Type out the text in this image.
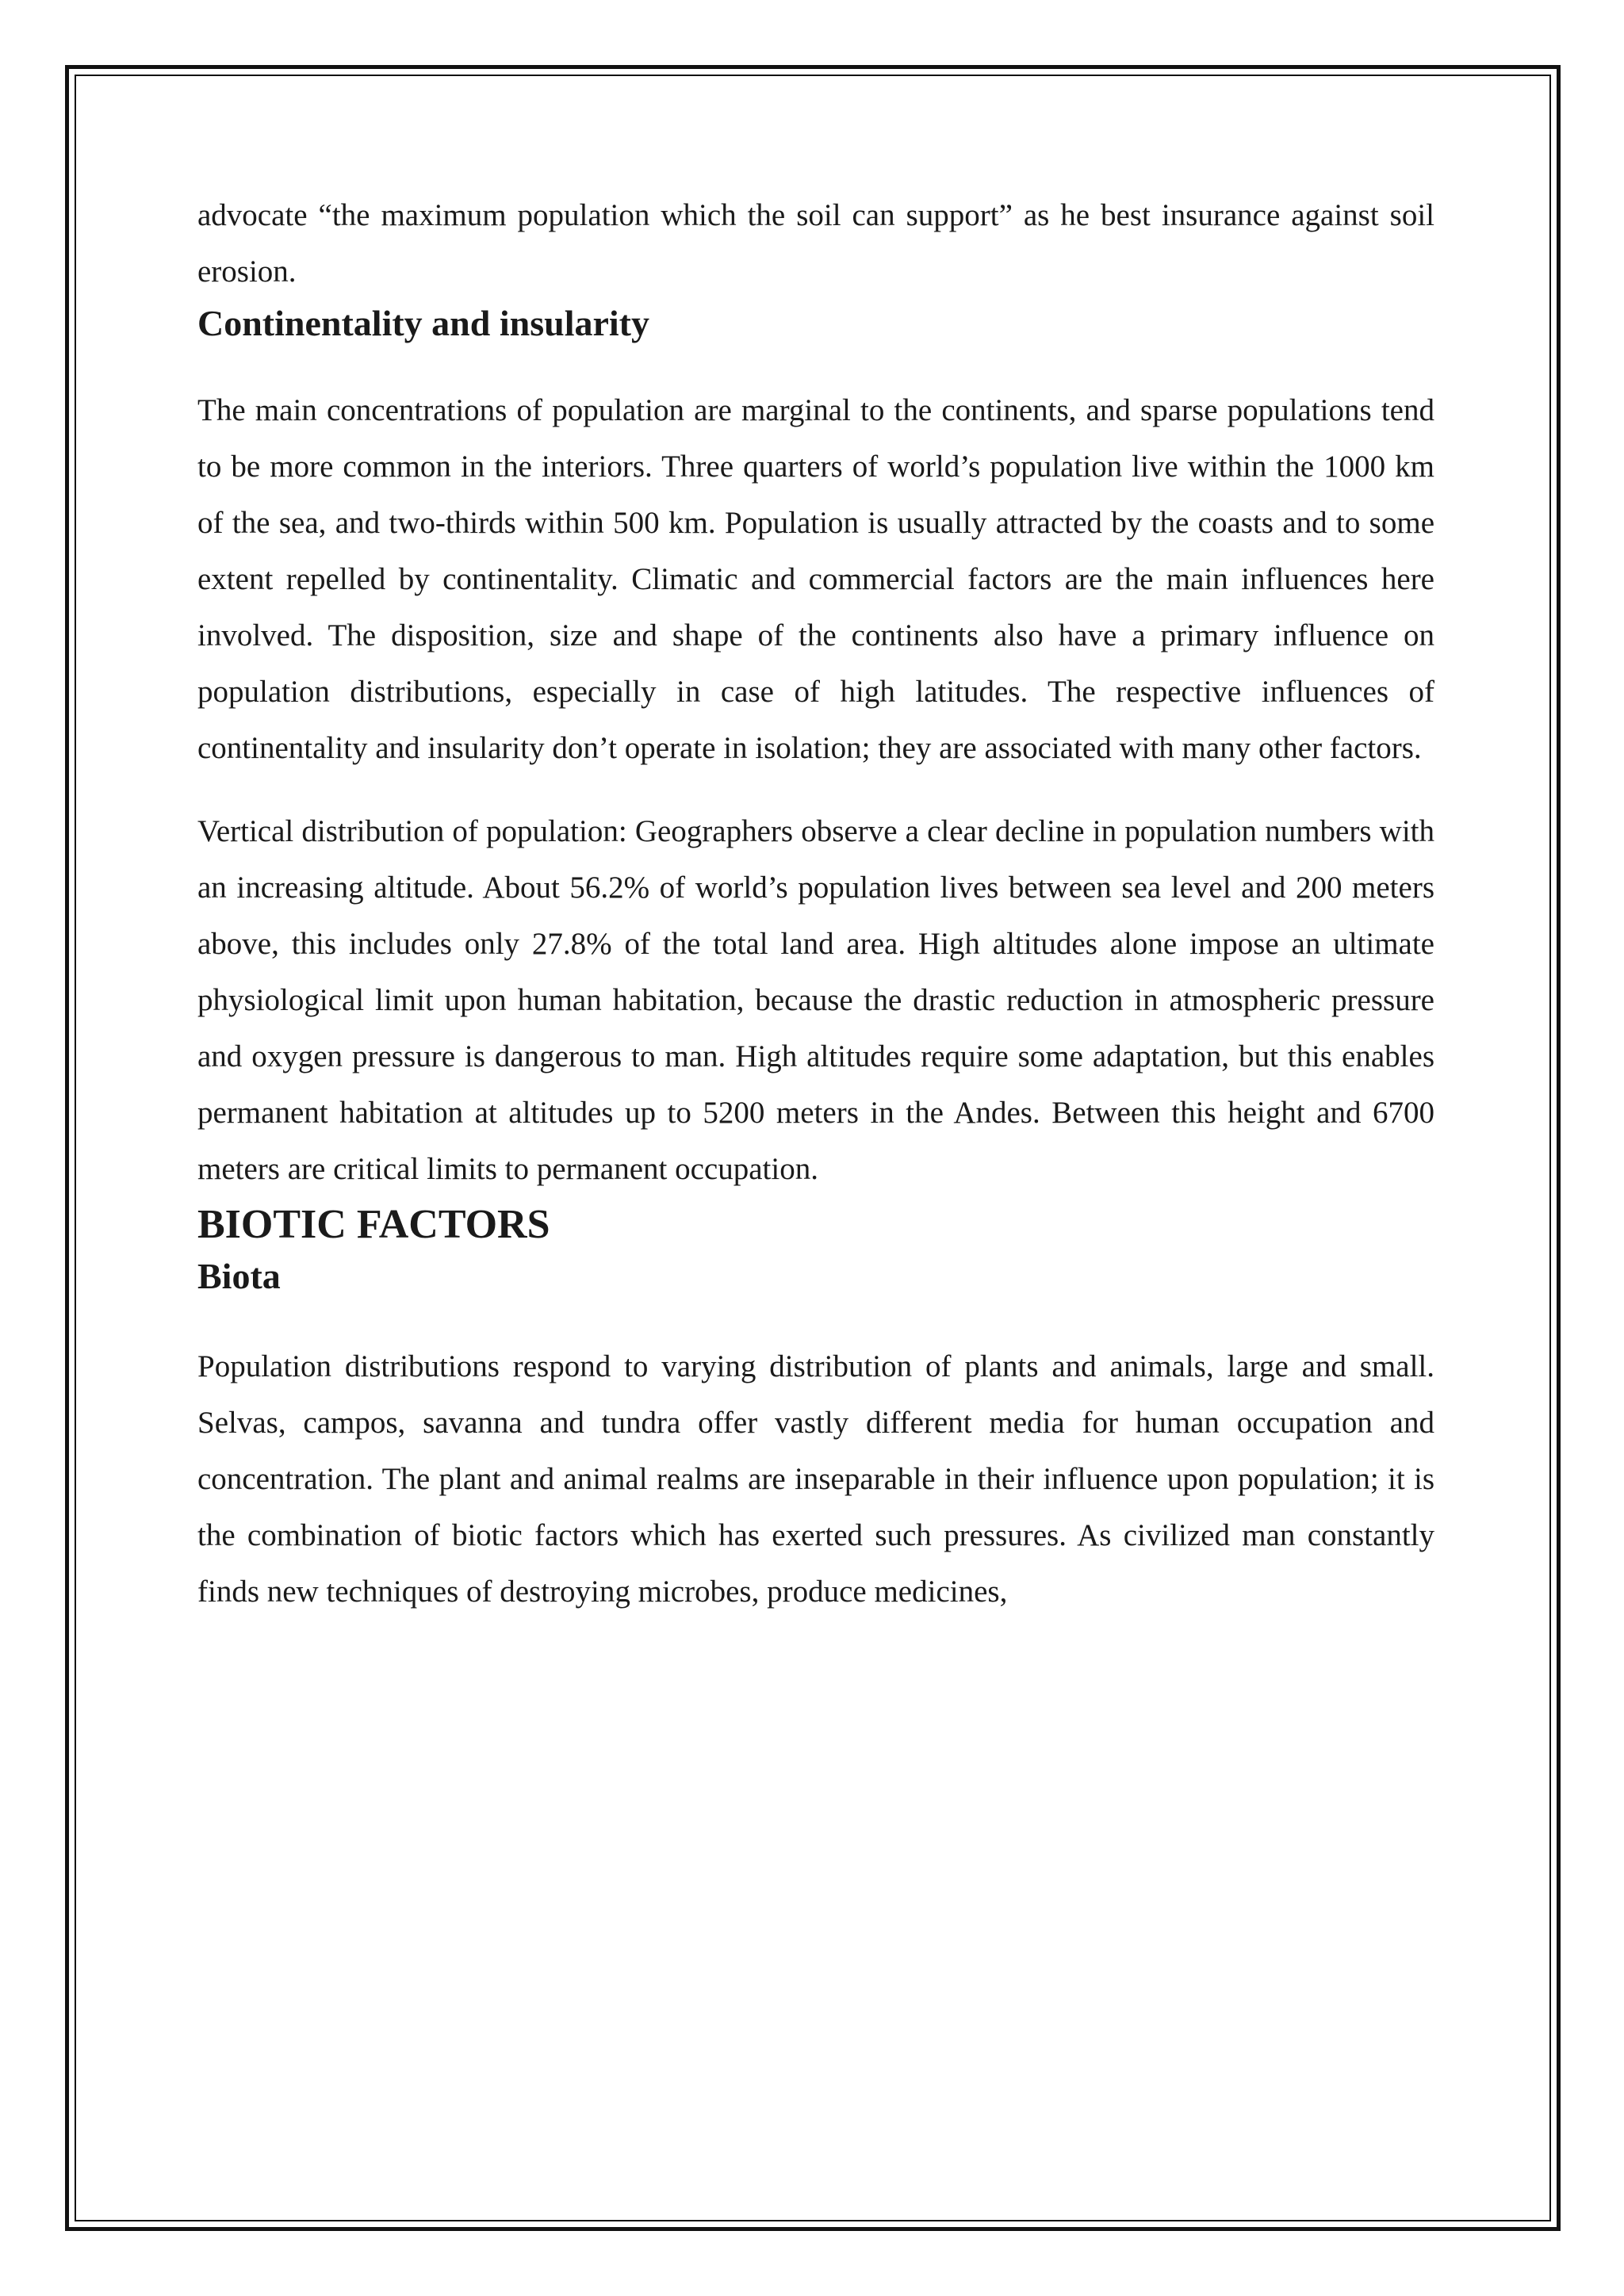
advocate “the maximum population which the soil can support” as he best insurance against soil erosion.

Continentality and insularity

The main concentrations of population are marginal to the continents, and sparse populations tend to be more common in the interiors. Three quarters of world’s population live within the 1000 km of the sea, and two-thirds within 500 km. Population is usually attracted by the coasts and to some extent repelled by continentality. Climatic and commercial factors are the main influences here involved. The disposition, size and shape of the continents also have a primary influence on population distributions, especially in case of high latitudes. The respective influences of continentality and insularity don’t operate in isolation; they are associated with many other factors.

Vertical distribution of population: Geographers observe a clear decline in population numbers with an increasing altitude. About 56.2% of world’s population lives between sea level and 200 meters above, this includes only 27.8% of the total land area. High altitudes alone impose an ultimate physiological limit upon human habitation, because the drastic reduction in atmospheric pressure and oxygen pressure is dangerous to man. High altitudes require some adaptation, but this enables permanent habitation at altitudes up to 5200 meters in the Andes. Between this height and 6700 meters are critical limits to permanent occupation.

BIOTIC FACTORS
Biota

Population distributions respond to varying distribution of plants and animals, large and small. Selvas, campos, savanna and tundra offer vastly different media for human occupation and concentration. The plant and animal realms are inseparable in their influence upon population; it is the combination of biotic factors which has exerted such pressures. As civilized man constantly finds new techniques of destroying microbes, produce medicines,
